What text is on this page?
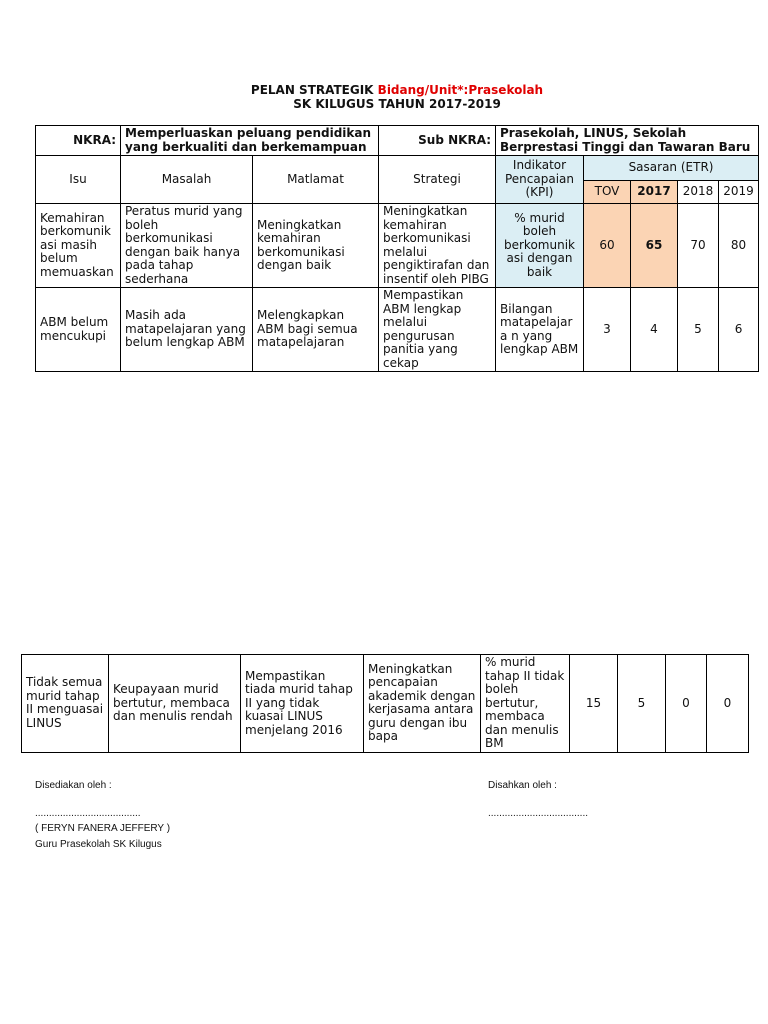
PELAN STRATEGIK Bidang/Unit*:Prasekolah
SK KILUGUS TAHUN 2017-2019
NKRA:	Memperluaskan peluang pendidikan yang berkualiti dan berkemampuan		Sub NKRA:	Prasekolah, LINUS, Sekolah Berprestasi Tinggi dan Tawaran Baru				
Isu	Masalah	Matlamat	Strategi	Indikator Pencapaian (KPI)	Sasaran (ETR)			
					TOV	2017	2018	2019
Kemahiran berkomunik asi masih belum memuaskan	Peratus murid yang boleh berkomunikasi dengan baik hanya pada tahap sederhana	Meningkatkan kemahiran berkomunikasi dengan baik	Meningkatkan kemahiran berkomunikasi melalui pengiktirafan dan insentif oleh PIBG	% murid boleh berkomunik asi dengan baik	60	65	70	80
ABM belum mencukupi	Masih ada matapelajaran yang belum lengkap ABM	Melengkapkan ABM bagi semua matapelajaran	Mempastikan ABM lengkap melalui pengurusan panitia yang cekap	Bilangan matapelajara n yang lengkap ABM	3	4	5	6
Tidak semua murid tahap II menguasai LINUS	Keupayaan murid bertutur, membaca dan menulis rendah	Mempastikan tiada murid tahap II yang tidak kuasai LINUS menjelang 2016	Meningkatkan pencapaian akademik dengan kerjasama antara guru dengan ibu bapa	% murid tahap II tidak boleh bertutur, membaca dan menulis BM	15	5	0	0
Disediakan oleh :
......................................
( FERYN FANERA JEFFERY )
Guru Prasekolah SK Kilugus
Disahkan oleh :
....................................
